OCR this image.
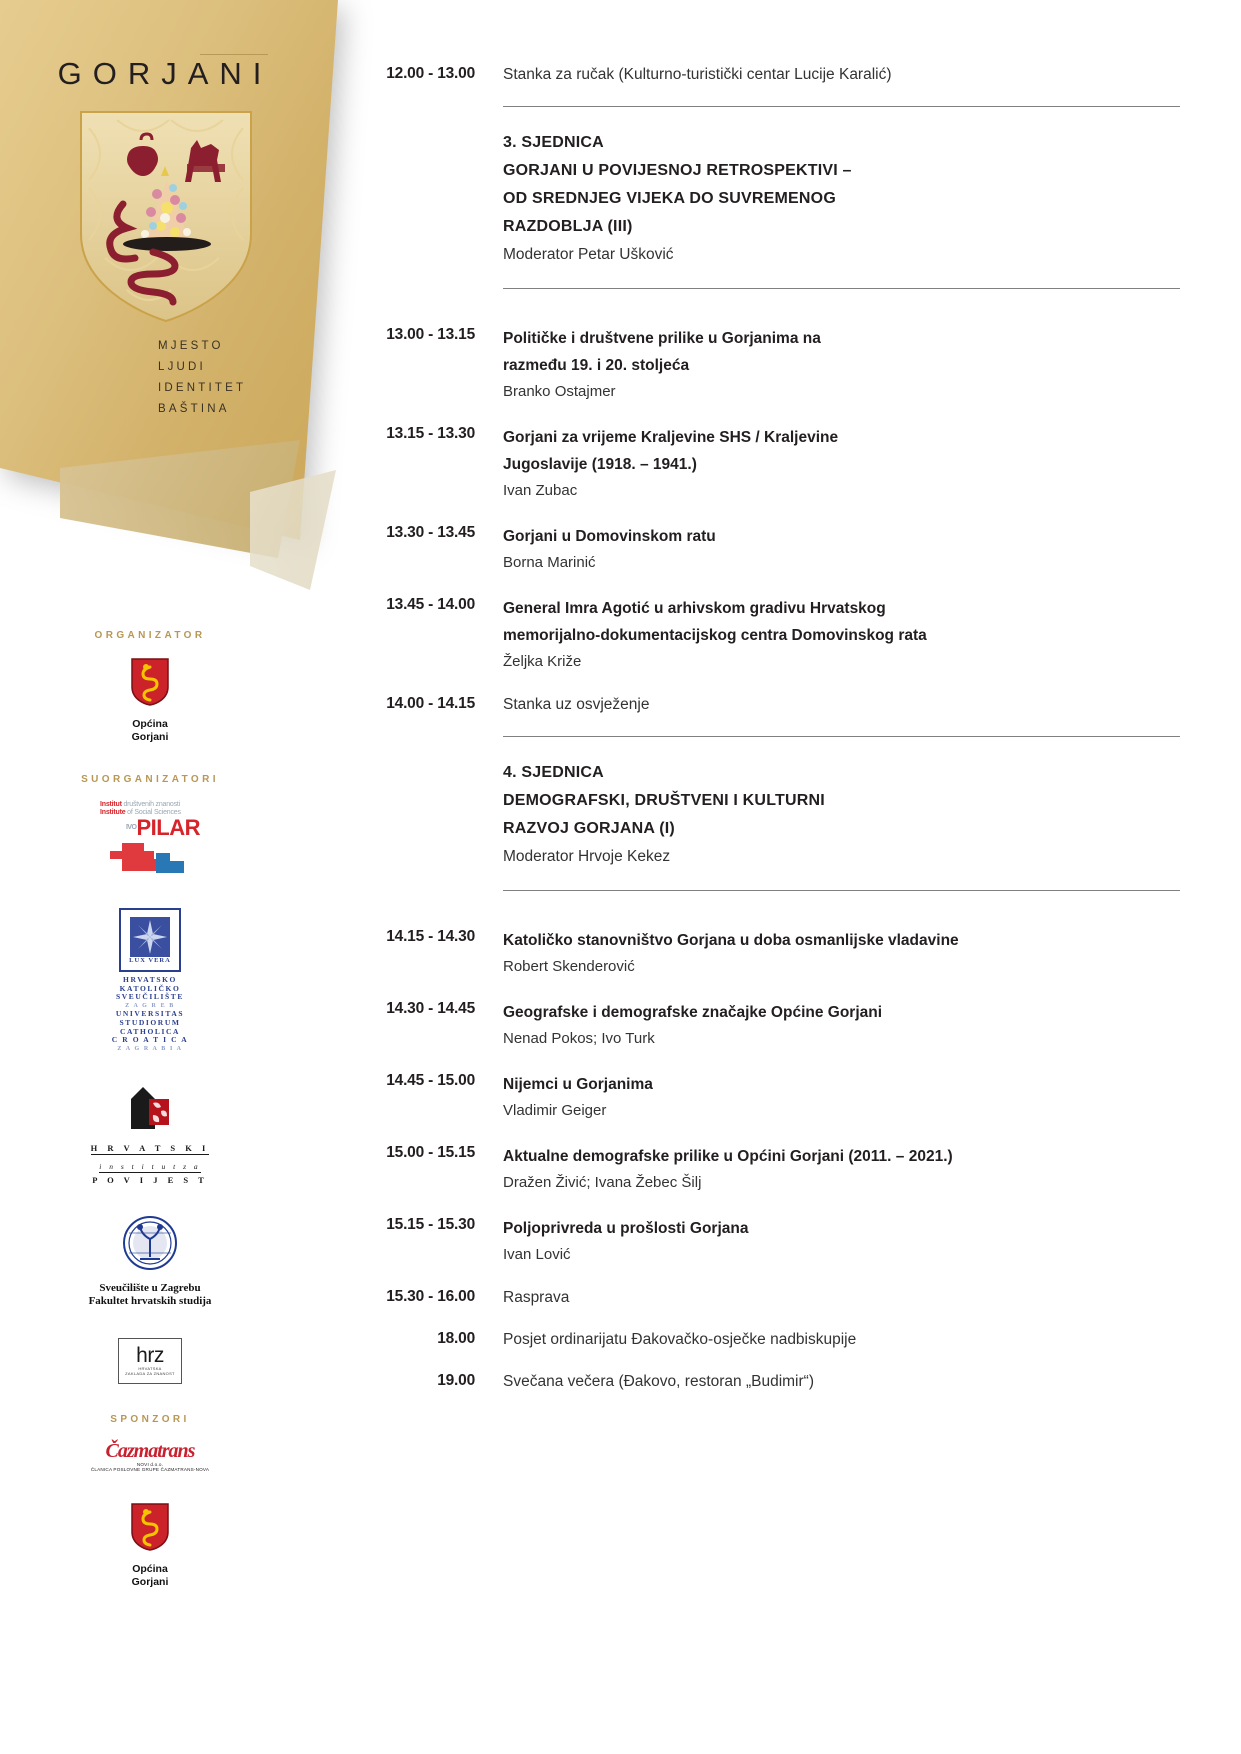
GORJANI
MJESTO
LJUDI
IDENTITET
BAŠTINA
ORGANIZATOR
Općina
Gorjani
SUORGANIZATORI
Institut društvenih znanosti
Institute of Social Sciences
$^{IVO}$PILAR
LUX VERA
HRVATSKO
KATOLIČKO
SVEUČILIŠTE
Z A G R E B
UNIVERSITAS
STUDIORUM
CATHOLICA
C R O A T I C A
Z A G R A B I A
H R V A T S K I
i n s t i t u t z a

P O V I J E S T
Sveučilište u Zagrebu
Fakultet hrvatskih studija
hrz
HRVATSKA
ZAKLADA ZA ZNANOST
SPONZORI
Čazmatrans
NOVI d.o.o.
ČLANICA POSLOVNE GRUPE ČAZMATRANS-NOVA
Općina
Gorjani
12.00 - 13.00 Stanka za ručak (Kulturno-turistički centar Lucije Karalić)
3. SJEDNICA
GORJANI U POVIJESNOJ RETROSPEKTIVI –
OD SREDNJEG VIJEKA DO SUVREMENOG
RAZDOBLJA (III)
Moderator Petar Ušković
13.00 - 13.15 Političke i društvene prilike u Gorjanima na
razmeđu 19. i 20. stoljeća
Branko Ostajmer
13.15 - 13.30 Gorjani za vrijeme Kraljevine SHS / Kraljevine
Jugoslavije (1918. – 1941.)
Ivan Zubac
13.30 - 13.45 Gorjani u Domovinskom ratu
Borna Marinić
13.45 - 14.00 General Imra Agotić u arhivskom gradivu Hrvatskog
memorijalno-dokumentacijskog centra Domovinskog rata
Željka Križe
14.00 - 14.15 Stanka uz osvježenje
4. SJEDNICA
DEMOGRAFSKI, DRUŠTVENI I KULTURNI
RAZVOJ GORJANA (I)
Moderator Hrvoje Kekez
14.15 - 14.30 Katoličko stanovništvo Gorjana u doba osmanlijske vladavine
Robert Skenderović
14.30 - 14.45 Geografske i demografske značajke Općine Gorjani
Nenad Pokos; Ivo Turk
14.45 - 15.00 Nijemci u Gorjanima
Vladimir Geiger
15.00 - 15.15 Aktualne demografske prilike u Općini Gorjani (2011. – 2021.)
Dražen Živić; Ivana Žebec Šilj
15.15 - 15.30 Poljoprivreda u prošlosti Gorjana
Ivan Lović
15.30 - 16.00 Rasprava
18.00 Posjet ordinarijatu Đakovačko-osječke nadbiskupije
19.00 Svečana večera (Đakovo, restoran „Budimir“)
